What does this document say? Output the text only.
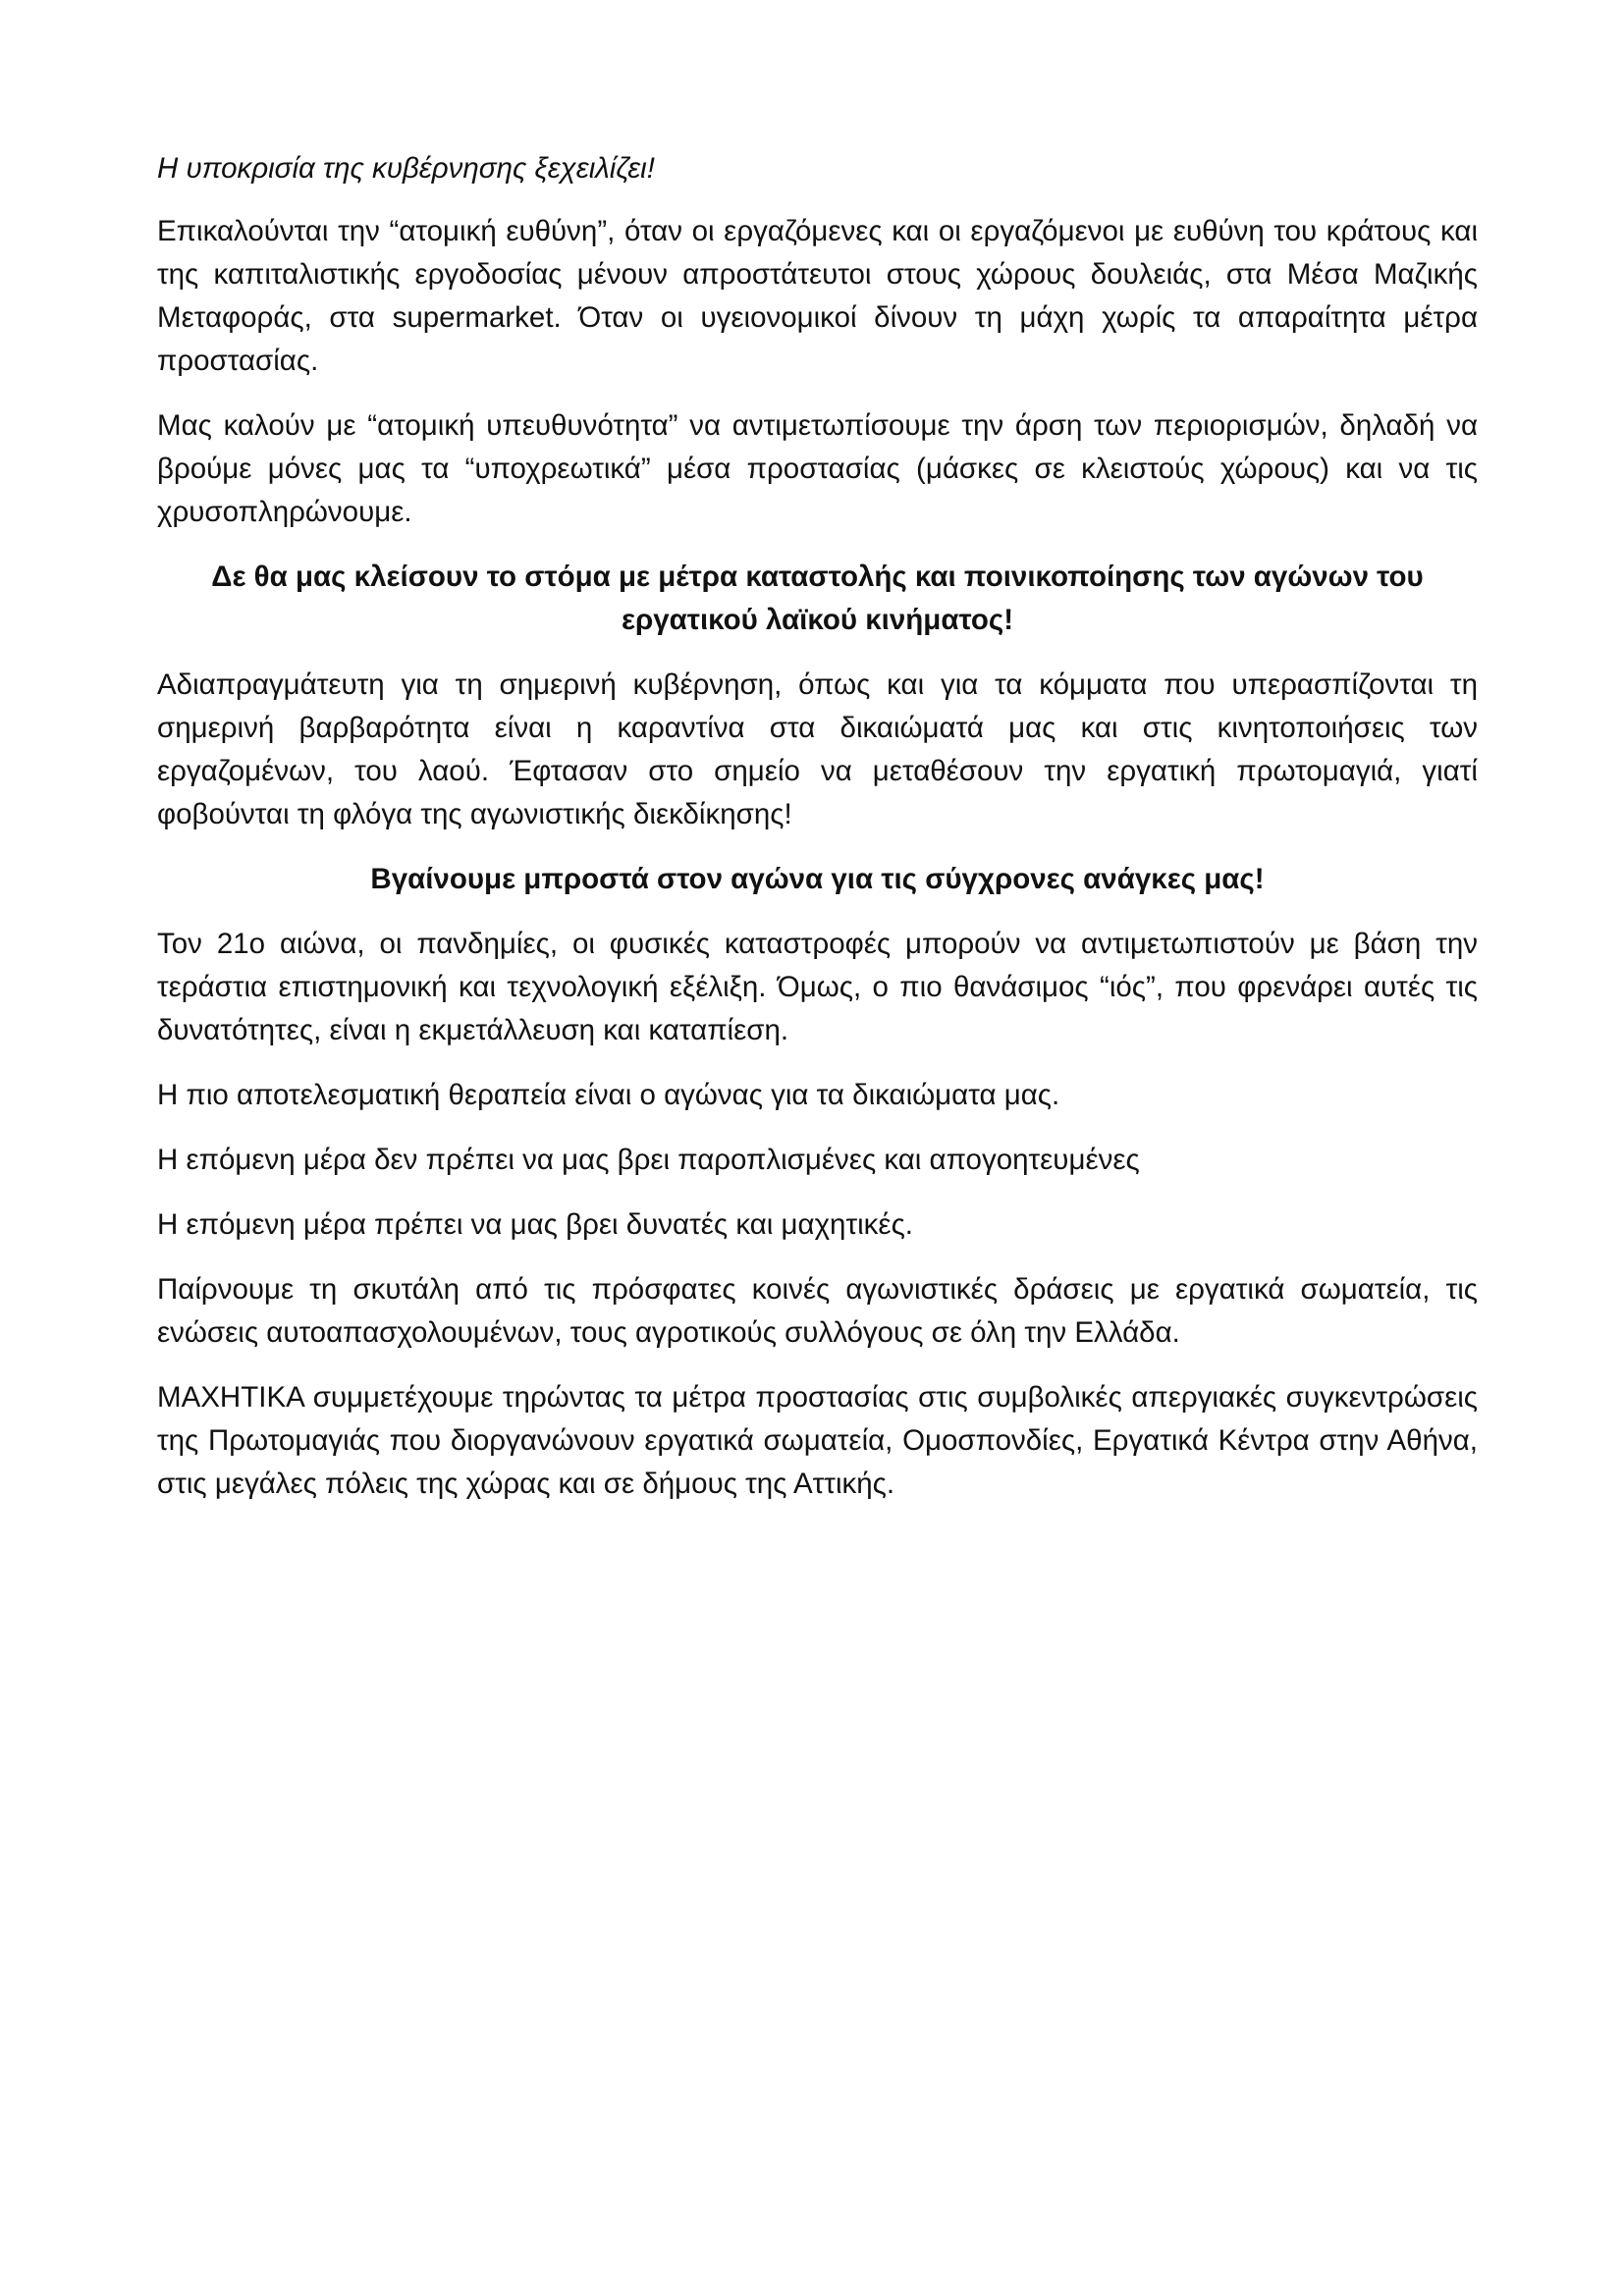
Η υποκρισία της κυβέρνησης ξεχειλίζει!

Επικαλούνται την “ατομική ευθύνη”, όταν οι εργαζόμενες και οι εργαζόμενοι με ευθύνη του κράτους και της καπιταλιστικής εργοδοσίας μένουν απροστάτευτοι στους χώρους δουλειάς, στα Μέσα Μαζικής Μεταφοράς, στα supermarket. Όταν οι υγειονομικοί δίνουν τη μάχη χωρίς τα απαραίτητα μέτρα προστασίας.

Μας καλούν με “ατομική υπευθυνότητα” να αντιμετωπίσουμε την άρση των περιορισμών, δηλαδή να βρούμε μόνες μας τα “υποχρεωτικά” μέσα προστασίας (μάσκες σε κλειστούς χώρους) και να τις χρυσοπληρώνουμε.

Δε θα μας κλείσουν το στόμα με μέτρα καταστολής και ποινικοποίησης των αγώνων του εργατικού λαϊκού κινήματος!

Αδιαπραγμάτευτη για τη σημερινή κυβέρνηση, όπως και για τα κόμματα που υπερασπίζονται τη σημερινή βαρβαρότητα είναι η καραντίνα στα δικαιώματά μας και στις κινητοποιήσεις των εργαζομένων, του λαού. Έφτασαν στο σημείο να μεταθέσουν την εργατική πρωτομαγιά, γιατί φοβούνται τη φλόγα της αγωνιστικής διεκδίκησης!

Βγαίνουμε μπροστά στον αγώνα για τις σύγχρονες ανάγκες μας!

Τον 21ο αιώνα, οι πανδημίες, οι φυσικές καταστροφές μπορούν να αντιμετωπιστούν με βάση την τεράστια επιστημονική και τεχνολογική εξέλιξη. Όμως, ο πιο θανάσιμος “ιός”, που φρενάρει αυτές τις δυνατότητες, είναι η εκμετάλλευση και καταπίεση.

Η πιο αποτελεσματική θεραπεία είναι ο αγώνας για τα δικαιώματα μας.

Η επόμενη μέρα δεν πρέπει να μας βρει παροπλισμένες και απογοητευμένες

Η επόμενη μέρα πρέπει να μας βρει δυνατές και μαχητικές.

Παίρνουμε τη σκυτάλη από τις πρόσφατες κοινές αγωνιστικές δράσεις με εργατικά σωματεία, τις ενώσεις αυτοαπασχολουμένων, τους αγροτικούς συλλόγους σε όλη την Ελλάδα.

ΜΑΧΗΤΙΚΑ συμμετέχουμε τηρώντας τα μέτρα προστασίας στις συμβολικές απεργιακές συγκεντρώσεις της Πρωτομαγιάς που διοργανώνουν εργατικά σωματεία, Ομοσπονδίες, Εργατικά Κέντρα στην Αθήνα, στις μεγάλες πόλεις της χώρας και σε δήμους της Αττικής.
